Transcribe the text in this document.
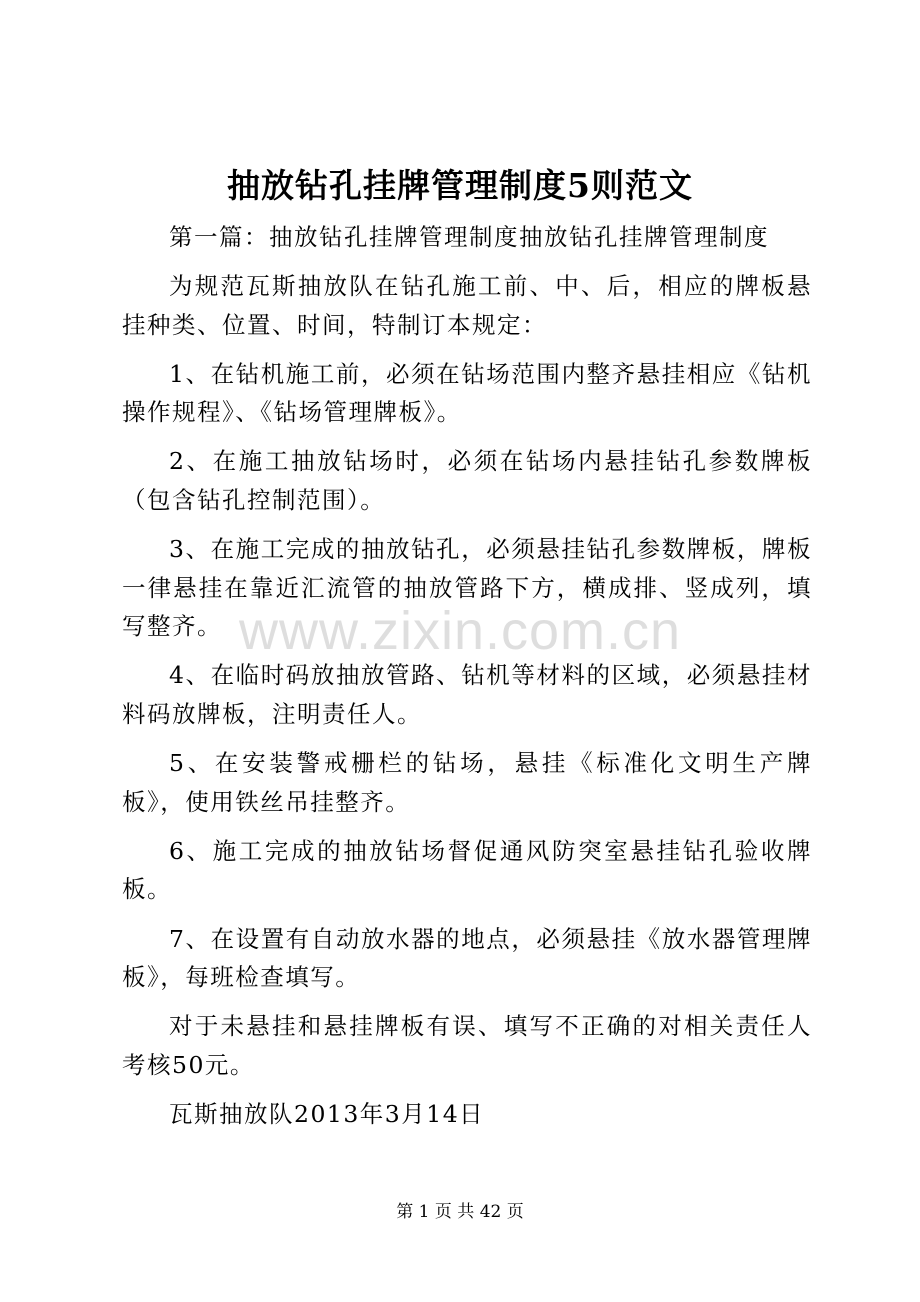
抽放钻孔挂牌管理制度5则范文

第一篇：抽放钻孔挂牌管理制度抽放钻孔挂牌管理制度

为规范瓦斯抽放队在钻孔施工前、中、后，相应的牌板悬挂种类、位置、时间，特制订本规定：

1、在钻机施工前，必须在钻场范围内整齐悬挂相应《钻机操作规程》、《钻场管理牌板》。

2、在施工抽放钻场时，必须在钻场内悬挂钻孔参数牌板（包含钻孔控制范围）。

3、在施工完成的抽放钻孔，必须悬挂钻孔参数牌板，牌板一律悬挂在靠近汇流管的抽放管路下方，横成排、竖成列，填写整齐。

4、在临时码放抽放管路、钻机等材料的区域，必须悬挂材料码放牌板，注明责任人。

5、在安装警戒栅栏的钻场，悬挂《标准化文明生产牌板》，使用铁丝吊挂整齐。

6、施工完成的抽放钻场督促通风防突室悬挂钻孔验收牌板。

7、在设置有自动放水器的地点，必须悬挂《放水器管理牌板》，每班检查填写。

对于未悬挂和悬挂牌板有误、填写不正确的对相关责任人考核50元。

瓦斯抽放队2013年3月14日

www.zixin.com.cn
第 1 页 共 42 页
